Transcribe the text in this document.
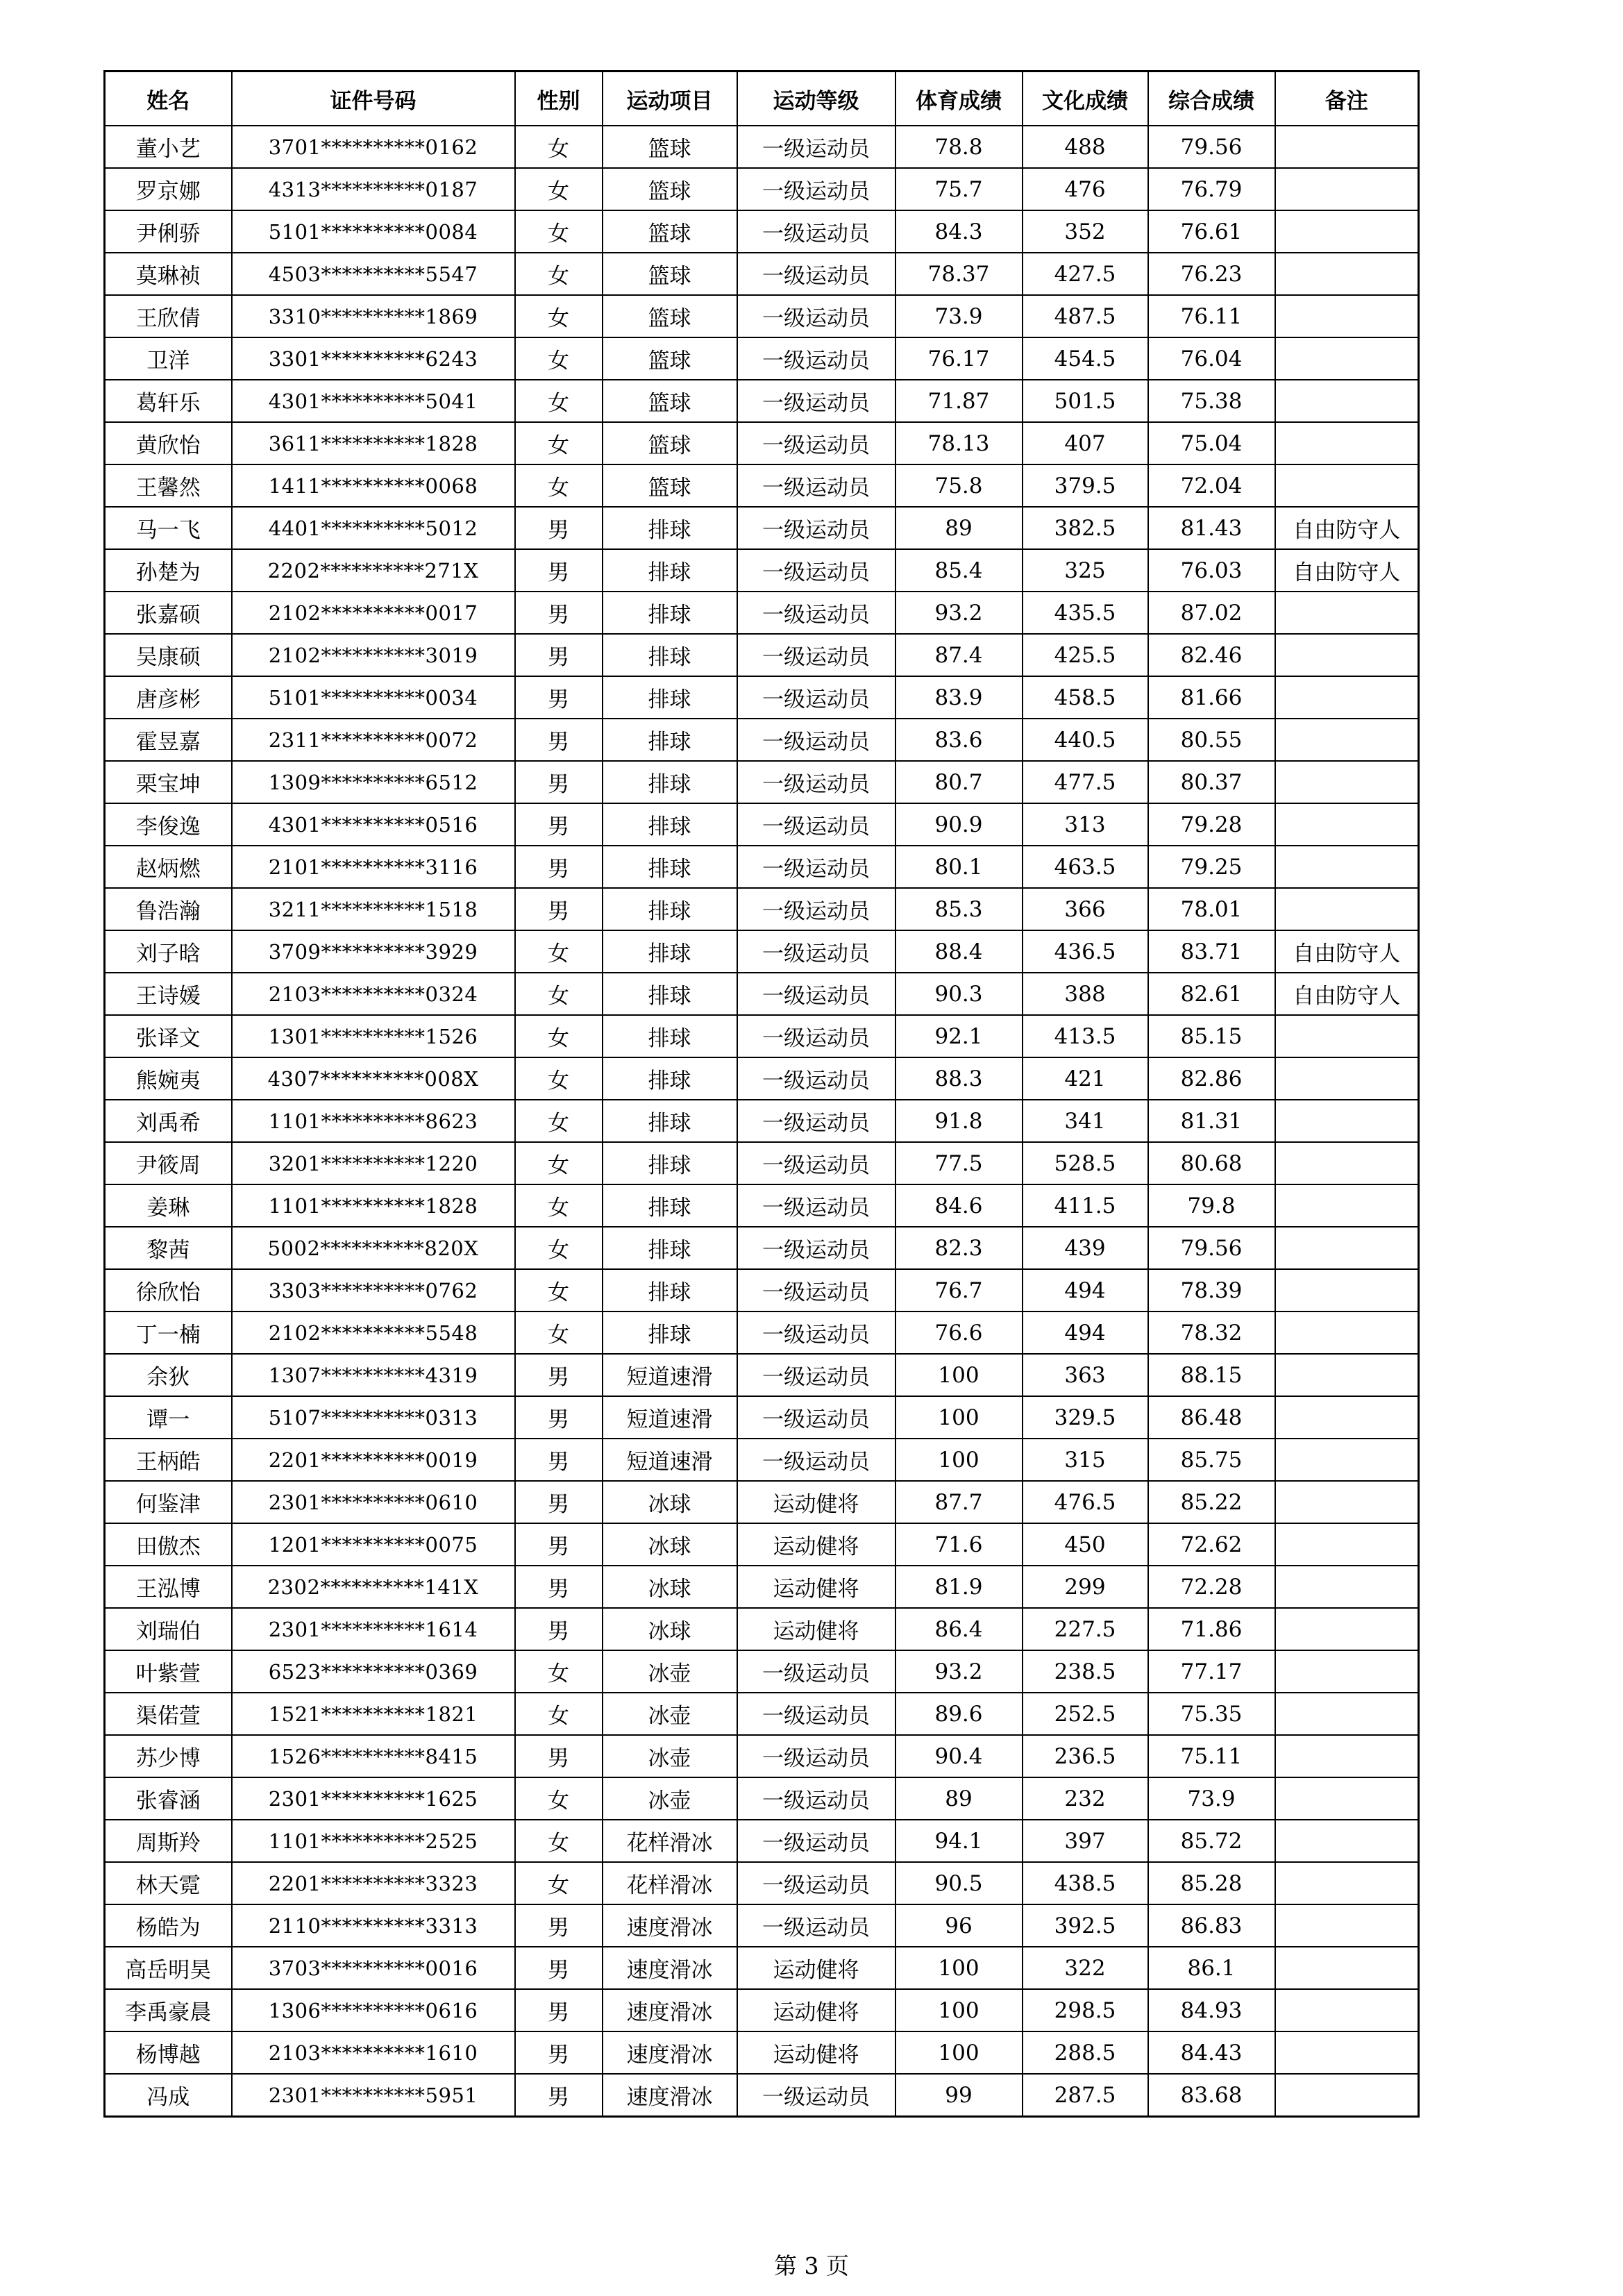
姓名	证件号码	性别	运动项目	运动等级	体育成绩	文化成绩	综合成绩	备注
董小艺	3701**********0162	女	篮球	一级运动员	78.8	488	79.56	
罗京娜	4313**********0187	女	篮球	一级运动员	75.7	476	76.79	
尹俐骄	5101**********0084	女	篮球	一级运动员	84.3	352	76.61	
莫琳祯	4503**********5547	女	篮球	一级运动员	78.37	427.5	76.23	
王欣倩	3310**********1869	女	篮球	一级运动员	73.9	487.5	76.11	
卫洋	3301**********6243	女	篮球	一级运动员	76.17	454.5	76.04	
葛轩乐	4301**********5041	女	篮球	一级运动员	71.87	501.5	75.38	
黄欣怡	3611**********1828	女	篮球	一级运动员	78.13	407	75.04	
王馨然	1411**********0068	女	篮球	一级运动员	75.8	379.5	72.04	
马一飞	4401**********5012	男	排球	一级运动员	89	382.5	81.43	自由防守人
孙楚为	2202**********271X	男	排球	一级运动员	85.4	325	76.03	自由防守人
张嘉硕	2102**********0017	男	排球	一级运动员	93.2	435.5	87.02	
吴康硕	2102**********3019	男	排球	一级运动员	87.4	425.5	82.46	
唐彦彬	5101**********0034	男	排球	一级运动员	83.9	458.5	81.66	
霍昱嘉	2311**********0072	男	排球	一级运动员	83.6	440.5	80.55	
栗宝坤	1309**********6512	男	排球	一级运动员	80.7	477.5	80.37	
李俊逸	4301**********0516	男	排球	一级运动员	90.9	313	79.28	
赵炳燃	2101**********3116	男	排球	一级运动员	80.1	463.5	79.25	
鲁浩瀚	3211**********1518	男	排球	一级运动员	85.3	366	78.01	
刘子晗	3709**********3929	女	排球	一级运动员	88.4	436.5	83.71	自由防守人
王诗媛	2103**********0324	女	排球	一级运动员	90.3	388	82.61	自由防守人
张译文	1301**********1526	女	排球	一级运动员	92.1	413.5	85.15	
熊婉夷	4307**********008X	女	排球	一级运动员	88.3	421	82.86	
刘禹希	1101**********8623	女	排球	一级运动员	91.8	341	81.31	
尹筱周	3201**********1220	女	排球	一级运动员	77.5	528.5	80.68	
姜琳	1101**********1828	女	排球	一级运动员	84.6	411.5	79.8	
黎茜	5002**********820X	女	排球	一级运动员	82.3	439	79.56	
徐欣怡	3303**********0762	女	排球	一级运动员	76.7	494	78.39	
丁一楠	2102**********5548	女	排球	一级运动员	76.6	494	78.32	
余狄	1307**********4319	男	短道速滑	一级运动员	100	363	88.15	
谭一	5107**********0313	男	短道速滑	一级运动员	100	329.5	86.48	
王柄皓	2201**********0019	男	短道速滑	一级运动员	100	315	85.75	
何鉴津	2301**********0610	男	冰球	运动健将	87.7	476.5	85.22	
田傲杰	1201**********0075	男	冰球	运动健将	71.6	450	72.62	
王泓博	2302**********141X	男	冰球	运动健将	81.9	299	72.28	
刘瑞伯	2301**********1614	男	冰球	运动健将	86.4	227.5	71.86	
叶紫萱	6523**********0369	女	冰壶	一级运动员	93.2	238.5	77.17	
渠偌萱	1521**********1821	女	冰壶	一级运动员	89.6	252.5	75.35	
苏少博	1526**********8415	男	冰壶	一级运动员	90.4	236.5	75.11	
张睿涵	2301**********1625	女	冰壶	一级运动员	89	232	73.9	
周斯羚	1101**********2525	女	花样滑冰	一级运动员	94.1	397	85.72	
林天霓	2201**********3323	女	花样滑冰	一级运动员	90.5	438.5	85.28	
杨皓为	2110**********3313	男	速度滑冰	一级运动员	96	392.5	86.83	
高岳明昊	3703**********0016	男	速度滑冰	运动健将	100	322	86.1	
李禹豪晨	1306**********0616	男	速度滑冰	运动健将	100	298.5	84.93	
杨博越	2103**********1610	男	速度滑冰	运动健将	100	288.5	84.43	
冯成	2301**********5951	男	速度滑冰	一级运动员	99	287.5	83.68	
第 3 页
